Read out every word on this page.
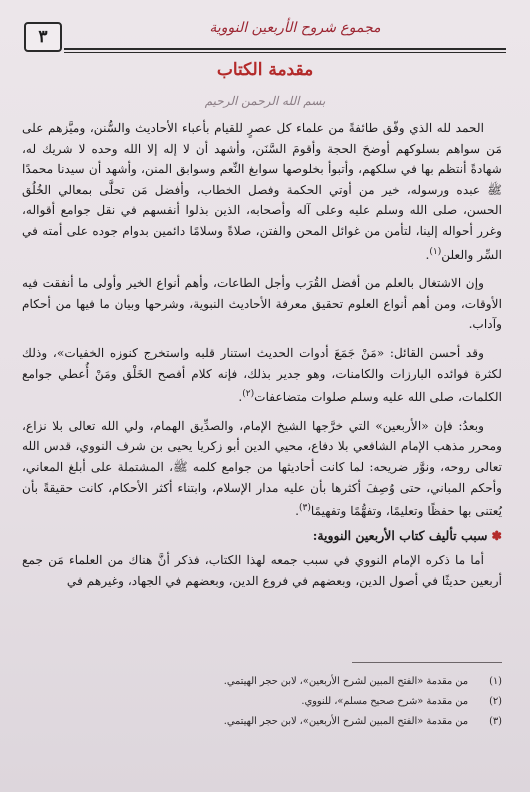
٣	مجموع شروح الأربعين النووية
مقدمة الكتاب
بسم الله الرحمن الرحيم

الحمد لله الذي وفّق طائفةً من علماء كل عصرٍ للقيام بأعباء الأحاديث والسُّنن، وميَّزهم على مَن سواهم بسلوكهم أوضحَ الحجة وأقومَ السَّنَن، وأشهد أن لا إله إلا الله وحده لا شريك له، شهادةً أنتظم بها في سلكهم، وأتبوأ بخلوصها سوابغ النِّعم وسوابق المنن، وأشهد أن سيدنا محمدًا ﷺ عبده ورسوله، خير من أوتي الحكمة وفصل الخطاب، وأفضل مَن تحلَّى بمعالي الخُلُق الحسن، صلى الله وسلم عليه وعلى آله وأصحابه، الذين بذلوا أنفسهم في نقل جوامع أقواله، وغرر أحواله إلينا، لتأمن من غوائل المحن والفتن، صلاةً وسلامًا دائمين بدوام جوده على أمته في السِّر والعلن$^{(١)}$.

وإن الاشتغال بالعلم من أفضل القُرَب وأجل الطاعات، وأهم أنواع الخير وأولى ما أنفقت فيه الأوقات، ومن أهم أنواع العلوم تحقيق معرفة الأحاديث النبوية، وشرحها وبيان ما فيها من أحكام وآداب.

وقد أحسن القائل: «مَنْ جَمَعَ أدوات الحديث استنار قلبه واستخرج كنوزه الخفيات»، وذلك لكثرة فوائده البارزات والكامنات، وهو جدير بذلك، فإنه كلام أفصح الخَلْق ومَنْ أُعطي جوامع الكلمات، صلى الله عليه وسلم صلوات متضاعفات$^{(٢)}$.

وبعدُ: فإن «الأربعين» التي خرَّجها الشيخ الإمام، والصدِّيق الهمام، ولي الله تعالى بلا نزاع، ومحرر مذهب الإمام الشافعي بلا دفاع، محيي الدين أبو زكريا يحيى بن شرف النووي، قدس الله تعالى روحه، ونوَّر ضريحه: لما كانت أحاديثها من جوامع كلمه ﷺ، المشتملة على أبلغ المعاني، وأحكم المباني، حتى وُصِفَ أكثرها بأن عليه مدار الإسلام، وابتناء أكثر الأحكام، كانت حقيقةً بأن يُعتنى بها حفظًا وتعليمًا، وتفهُّمًا وتفهيمًا$^{(٣)}$.

✽سبب تأليف كتاب الأربعين النووية:

أما ما ذكره الإمام النووي في سبب جمعه لهذا الكتاب، فذكر أنَّ هناك من العلماء مَن جمع أربعين حديثًا في أصول الدين، وبعضهم في فروع الدين، وبعضهم في الجهاد، وغيرهم في

(١)
من مقدمة «الفتح المبين لشرح الأربعين»، لابن حجر الهيتمي.
(٢)
من مقدمة «شرح صحيح مسلم»، للنووي.
(٣)
من مقدمة «الفتح المبين لشرح الأربعين»، لابن حجر الهيتمي.
